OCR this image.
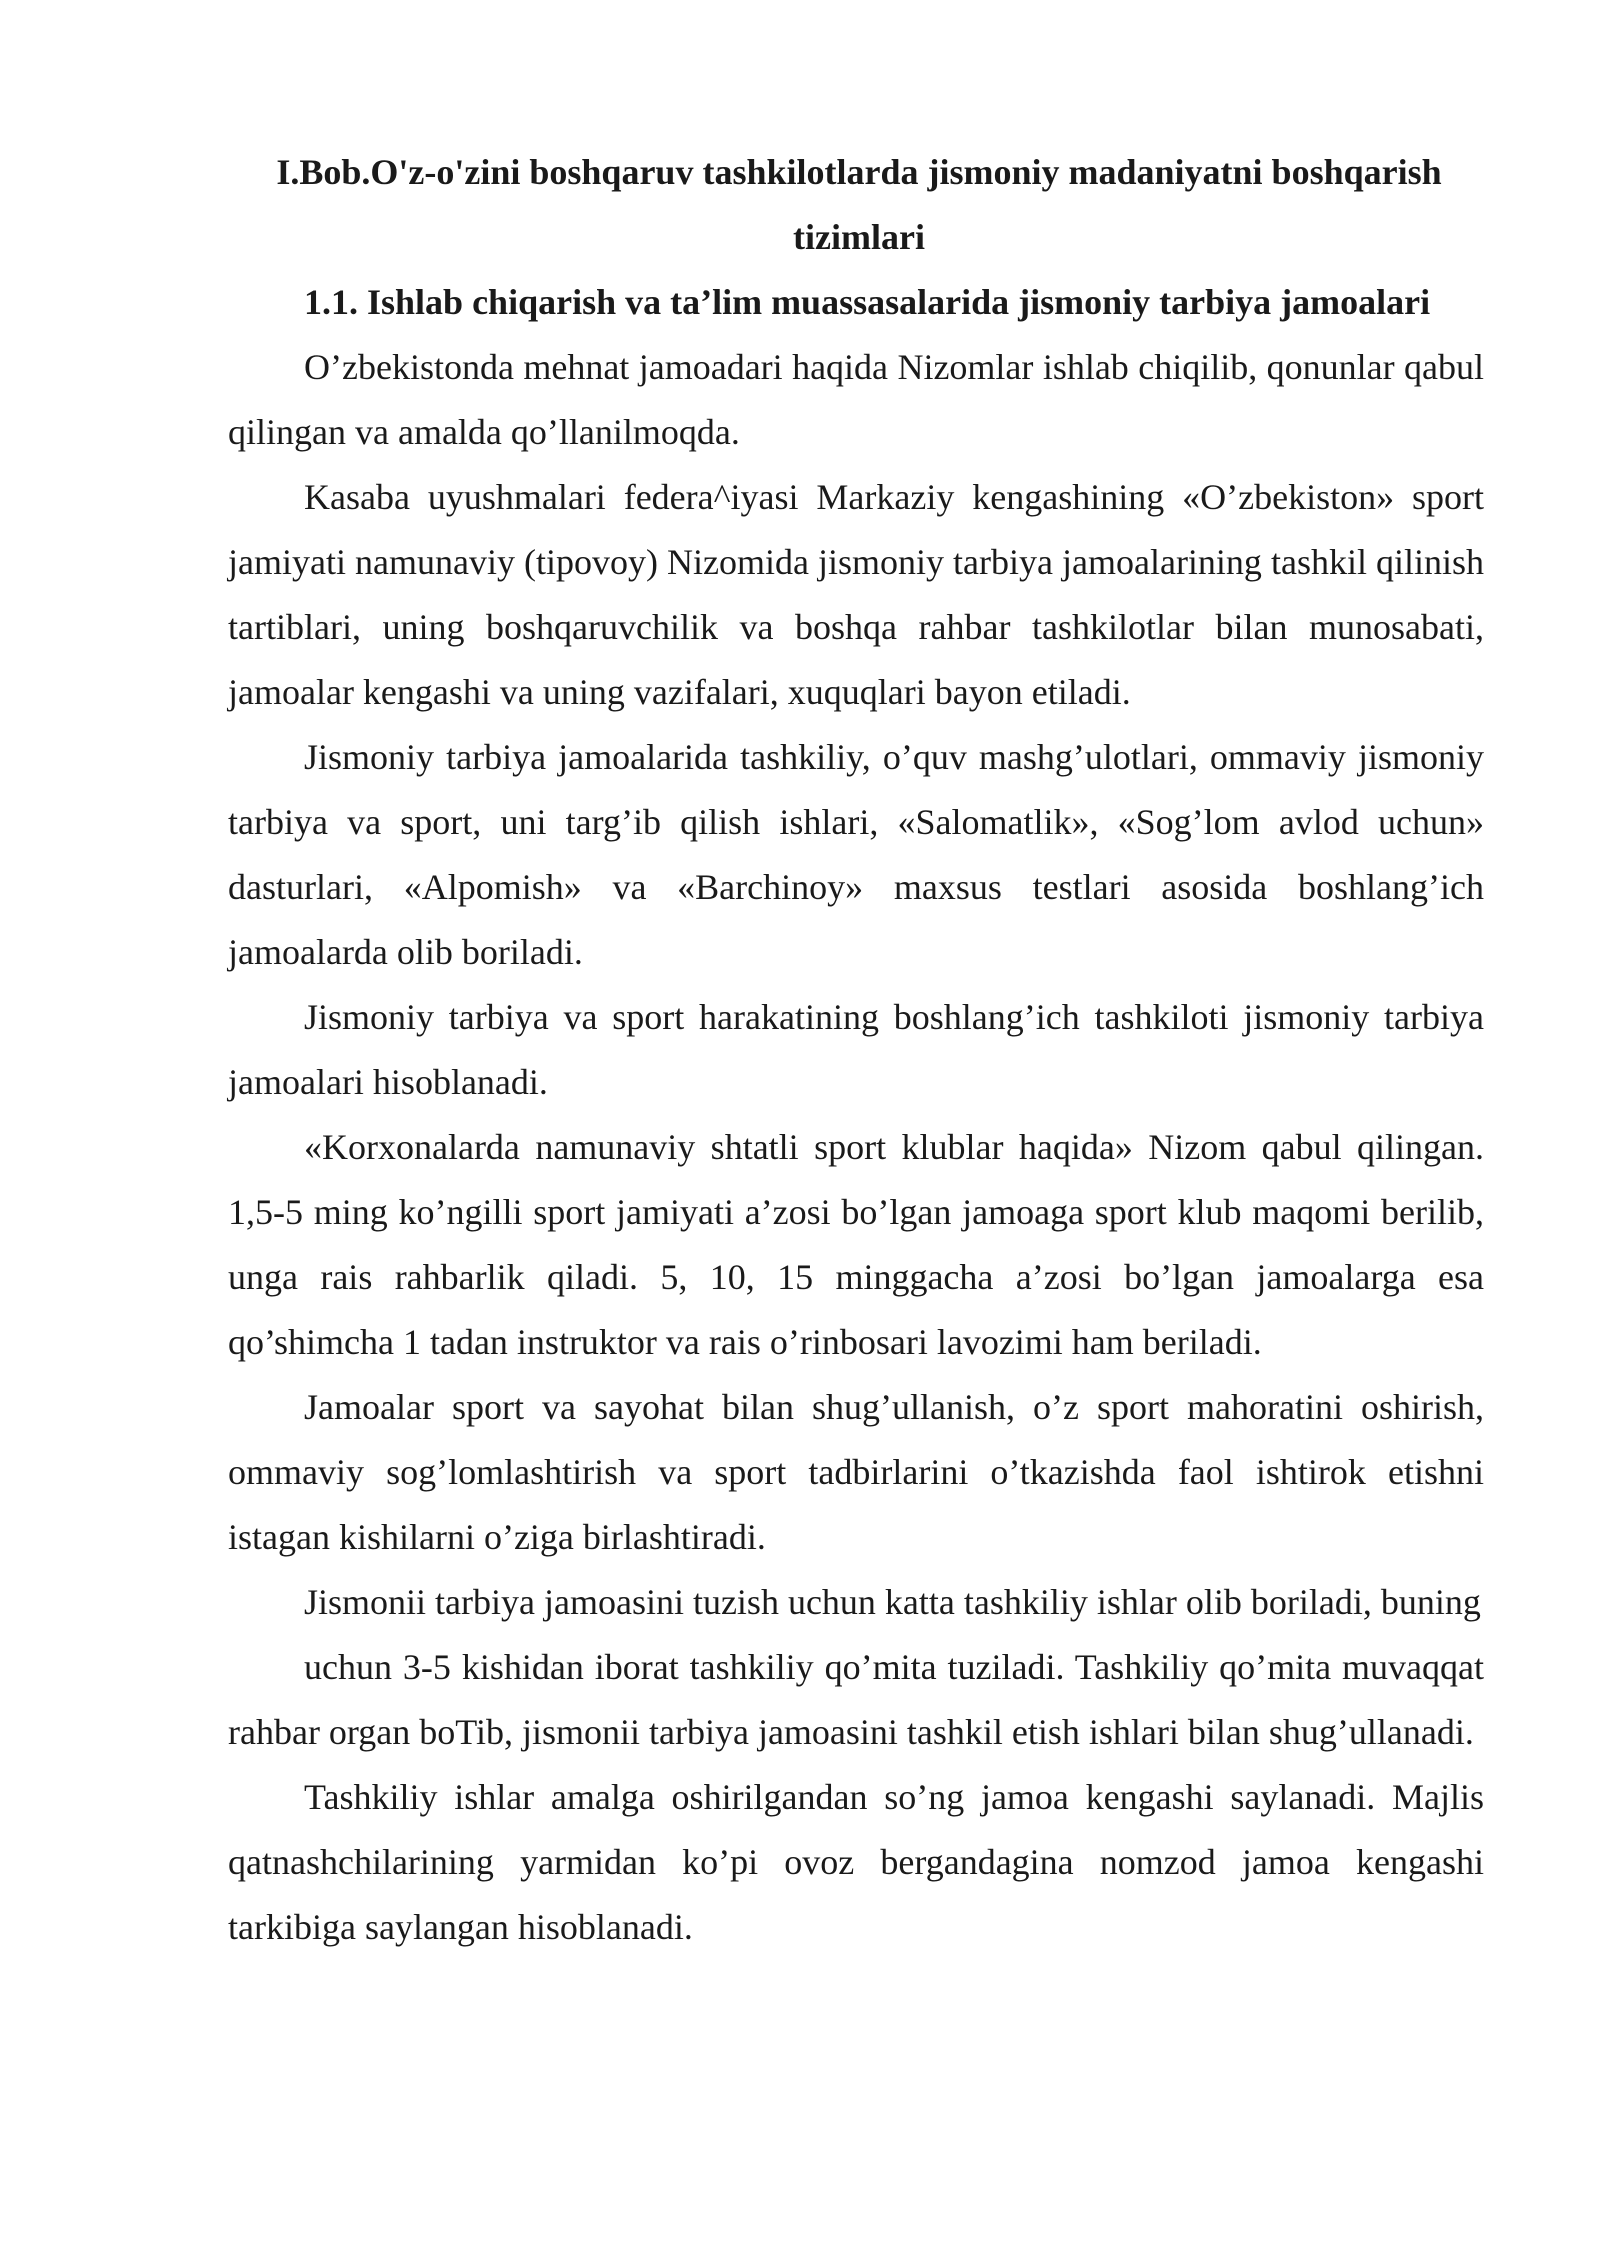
I.Bob.O'z-o'zini boshqaruv tashkilotlarda jismoniy madaniyatni boshqarish tizimlari
1.1. Ishlab chiqarish va ta’lim muassasalarida jismoniy tarbiya jamoalari

O’zbekistonda mehnat jamoadari haqida Nizomlar ishlab chiqilib, qonunlar qabul qilingan va amalda qo’llanilmoqda.

Kasaba uyushmalari federa^iyasi Markaziy kengashining «O’zbekiston» sport jamiyati namunaviy (tipovoy) Nizomida jismoniy tarbiya jamoalarining tashkil qilinish tartiblari, uning boshqaruvchilik va boshqa rahbar tashkilotlar bilan munosabati, jamoalar kengashi va uning vazifalari, xuquqlari bayon etiladi.

Jismoniy tarbiya jamoalarida tashkiliy, o’quv mashg’ulotlari, ommaviy jismoniy tarbiya va sport, uni targ’ib qilish ishlari, «Salomatlik», «Sog’lom avlod uchun» dasturlari, «Alpomish» va «Barchinoy» maxsus testlari asosida boshlang’ich jamoalarda olib boriladi.

Jismoniy tarbiya va sport harakatining boshlang’ich tashkiloti jismoniy tarbiya jamoalari hisoblanadi.

«Korxonalarda namunaviy shtatli sport klublar haqida» Nizom qabul qilingan. 1,5-5 ming ko’ngilli sport jamiyati a’zosi bo’lgan jamoaga sport klub maqomi berilib, unga rais rahbarlik qiladi. 5, 10, 15 minggacha a’zosi bo’lgan jamoalarga esa qo’shimcha 1 tadan instruktor va rais o’rinbosari lavozimi ham beriladi.

Jamoalar sport va sayohat bilan shug’ullanish, o’z sport mahoratini oshirish, ommaviy sog’lomlashtirish va sport tadbirlarini o’tkazishda faol ishtirok etishni istagan kishilarni o’ziga birlashtiradi.

Jismonii tarbiya jamoasini tuzish uchun katta tashkiliy ishlar olib boriladi, buning

uchun 3-5 kishidan iborat tashkiliy qo’mita tuziladi. Tashkiliy qo’mita muvaqqat rahbar organ boTib, jismonii tarbiya jamoasini tashkil etish ishlari bilan shug’ullanadi.

Tashkiliy ishlar amalga oshirilgandan so’ng jamoa kengashi saylanadi. Majlis qatnashchilarining yarmidan ko’pi ovoz bergandagina nomzod jamoa kengashi tarkibiga saylangan hisoblanadi.
